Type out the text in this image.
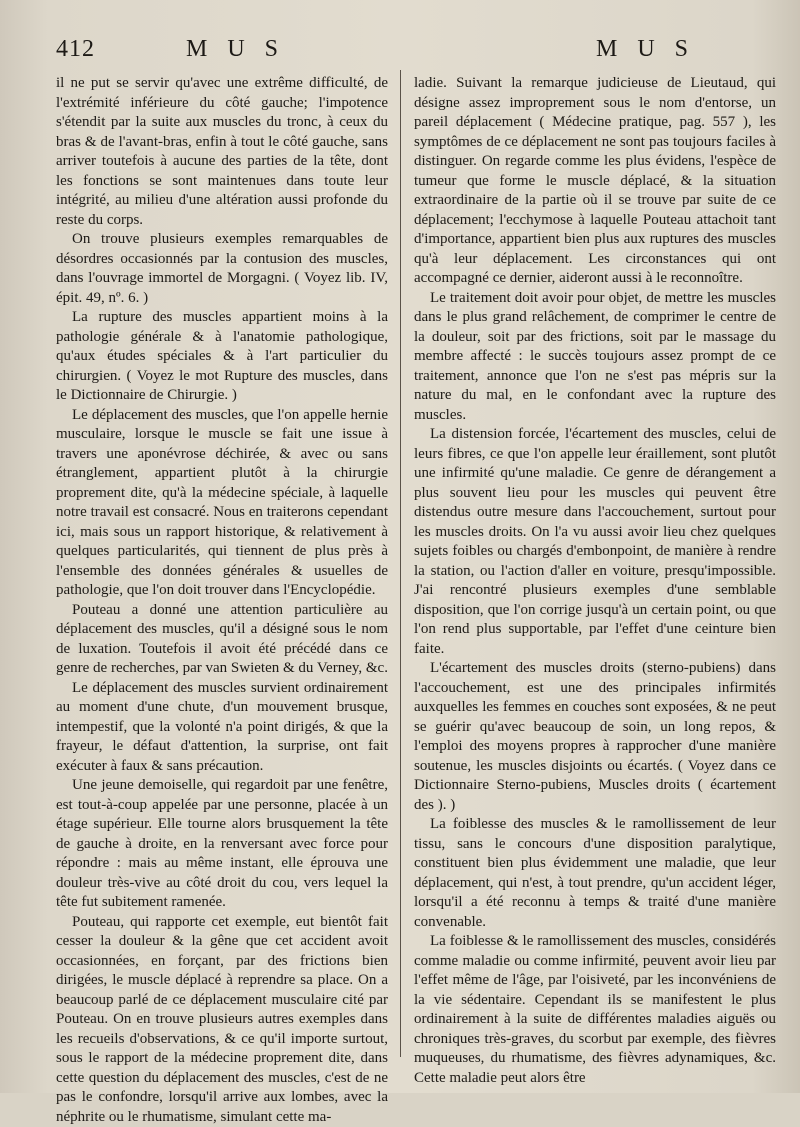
412	M U S	M U S

il ne put se servir qu'avec une extrême difficulté, de l'extrémité inférieure du côté gauche; l'impotence s'étendit par la suite aux muscles du tronc, à ceux du bras & de l'avant-bras, enfin à tout le côté gauche, sans arriver toutefois à aucune des parties de la tête, dont les fonctions se sont maintenues dans toute leur intégrité, au milieu d'une altération aussi profonde du reste du corps.

On trouve plusieurs exemples remarquables de désordres occasionnés par la contusion des muscles, dans l'ouvrage immortel de Morgagni. ( Voyez lib. IV, épit. 49, nº. 6. )

La rupture des muscles appartient moins à la pathologie générale & à l'anatomie pathologique, qu'aux études spéciales & à l'art particulier du chirurgien. ( Voyez le mot Rupture des muscles, dans le Dictionnaire de Chirurgie. )

Le déplacement des muscles, que l'on appelle hernie musculaire, lorsque le muscle se fait une issue à travers une aponévrose déchirée, & avec ou sans étranglement, appartient plutôt à la chirurgie proprement dite, qu'à la médecine spéciale, à laquelle notre travail est consacré. Nous en traiterons cependant ici, mais sous un rapport historique, & relativement à quelques particularités, qui tiennent de plus près à l'ensemble des données générales & usuelles de pathologie, que l'on doit trouver dans l'Encyclopédie.

Pouteau a donné une attention particulière au déplacement des muscles, qu'il a désigné sous le nom de luxation. Toutefois il avoit été précédé dans ce genre de recherches, par van Swieten & du Verney, &c.

Le déplacement des muscles survient ordinairement au moment d'une chute, d'un mouvement brusque, intempestif, que la volonté n'a point dirigés, & que la frayeur, le défaut d'attention, la surprise, ont fait exécuter à faux & sans précaution.

Une jeune demoiselle, qui regardoit par une fenêtre, est tout-à-coup appelée par une personne, placée à un étage supérieur. Elle tourne alors brusquement la tête de gauche à droite, en la renversant avec force pour répondre : mais au même instant, elle éprouva une douleur très-vive au côté droit du cou, vers lequel la tête fut subitement ramenée.

Pouteau, qui rapporte cet exemple, eut bientôt fait cesser la douleur & la gêne que cet accident avoit occasionnées, en forçant, par des frictions bien dirigées, le muscle déplacé à reprendre sa place. On a beaucoup parlé de ce déplacement musculaire cité par Pouteau. On en trouve plusieurs autres exemples dans les recueils d'observations, & ce qu'il importe surtout, sous le rapport de la médecine proprement dite, dans cette question du déplacement des muscles, c'est de ne pas le confondre, lorsqu'il arrive aux lombes, avec la néphrite ou le rhumatisme, simulant cette ma-

ladie. Suivant la remarque judicieuse de Lieutaud, qui désigne assez improprement sous le nom d'entorse, un pareil déplacement ( Médecine pratique, pag. 557 ), les symptômes de ce déplacement ne sont pas toujours faciles à distinguer. On regarde comme les plus évidens, l'espèce de tumeur que forme le muscle déplacé, & la situation extraordinaire de la partie où il se trouve par suite de ce déplacement; l'ecchymose à laquelle Pouteau attachoit tant d'importance, appartient bien plus aux ruptures des muscles qu'à leur déplacement. Les circonstances qui ont accompagné ce dernier, aideront aussi à le reconnoître.

Le traitement doit avoir pour objet, de mettre les muscles dans le plus grand relâchement, de comprimer le centre de la douleur, soit par des frictions, soit par le massage du membre affecté : le succès toujours assez prompt de ce traitement, annonce que l'on ne s'est pas mépris sur la nature du mal, en le confondant avec la rupture des muscles.

La distension forcée, l'écartement des muscles, celui de leurs fibres, ce que l'on appelle leur éraillement, sont plutôt une infirmité qu'une maladie. Ce genre de dérangement a plus souvent lieu pour les muscles qui peuvent être distendus outre mesure dans l'accouchement, surtout pour les muscles droits. On l'a vu aussi avoir lieu chez quelques sujets foibles ou chargés d'embonpoint, de manière à rendre la station, ou l'action d'aller en voiture, presqu'impossible. J'ai rencontré plusieurs exemples d'une semblable disposition, que l'on corrige jusqu'à un certain point, ou que l'on rend plus supportable, par l'effet d'une ceinture bien faite.

L'écartement des muscles droits (sterno-pubiens) dans l'accouchement, est une des principales infirmités auxquelles les femmes en couches sont exposées, & ne peut se guérir qu'avec beaucoup de soin, un long repos, & l'emploi des moyens propres à rapprocher d'une manière soutenue, les muscles disjoints ou écartés. ( Voyez dans ce Dictionnaire Sterno-pubiens, Muscles droits ( écartement des ). )

La foiblesse des muscles & le ramollissement de leur tissu, sans le concours d'une disposition paralytique, constituent bien plus évidemment une maladie, que leur déplacement, qui n'est, à tout prendre, qu'un accident léger, lorsqu'il a été reconnu à temps & traité d'une manière convenable.

La foiblesse & le ramollissement des muscles, considérés comme maladie ou comme infirmité, peuvent avoir lieu par l'effet même de l'âge, par l'oisiveté, par les inconvéniens de la vie sédentaire. Cependant ils se manifestent le plus ordinairement à la suite de différentes maladies aiguës ou chroniques très-graves, du scorbut par exemple, des fièvres muqueuses, du rhumatisme, des fièvres adynamiques, &c. Cette maladie peut alors être
